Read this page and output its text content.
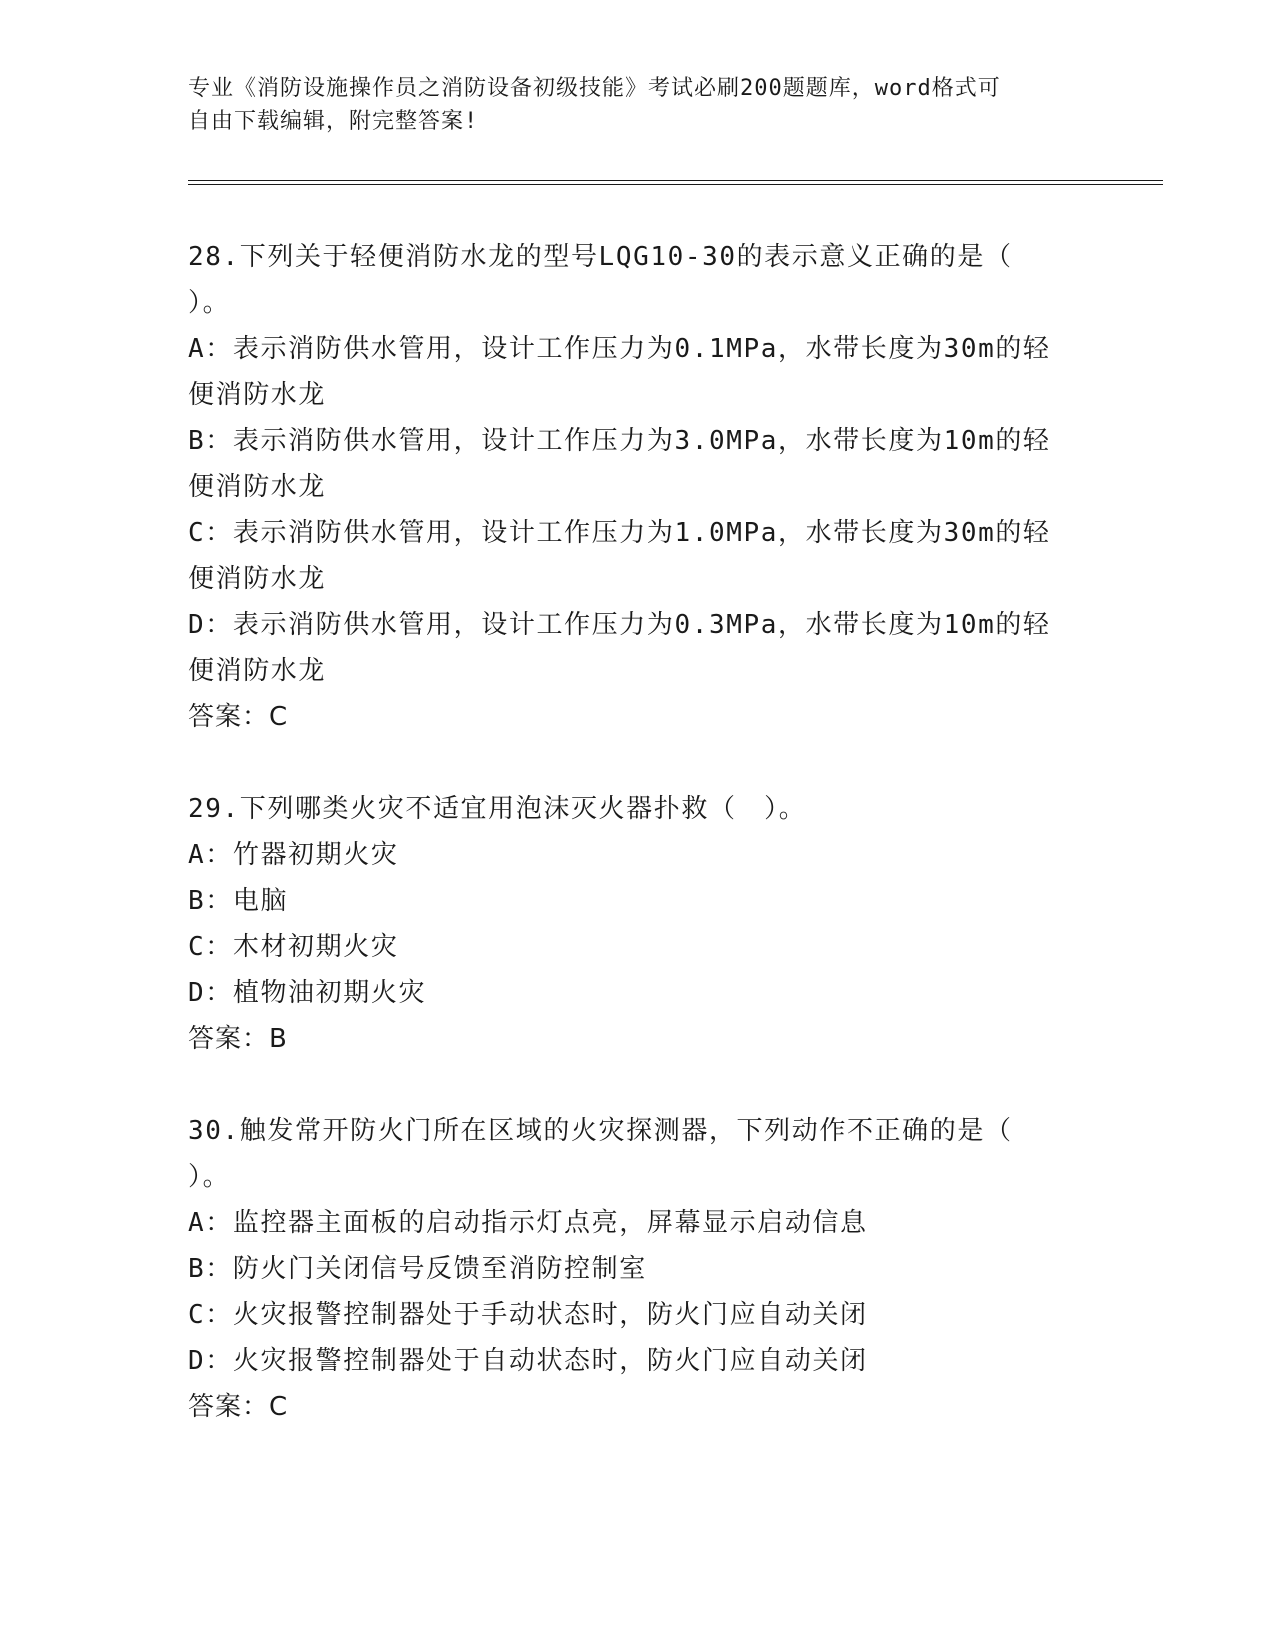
专业《消防设施操作员之消防设备初级技能》考试必刷200题题库，word格式可
自由下载编辑，附完整答案!
28.下列关于轻便消防水龙的型号LQG10-30的表示意义正确的是（
）。
A：表示消防供水管用，设计工作压力为0.1MPa，水带长度为30m的轻
便消防水龙
B：表示消防供水管用，设计工作压力为3.0MPa，水带长度为10m的轻
便消防水龙
C：表示消防供水管用，设计工作压力为1.0MPa，水带长度为30m的轻
便消防水龙
D：表示消防供水管用，设计工作压力为0.3MPa，水带长度为10m的轻
便消防水龙
答案：C
29.下列哪类火灾不适宜用泡沫灭火器扑救（　）。
A：竹器初期火灾
B：电脑
C：木材初期火灾
D：植物油初期火灾
答案：B
30.触发常开防火门所在区域的火灾探测器，下列动作不正确的是（
）。
A：监控器主面板的启动指示灯点亮，屏幕显示启动信息
B：防火门关闭信号反馈至消防控制室
C：火灾报警控制器处于手动状态时，防火门应自动关闭
D：火灾报警控制器处于自动状态时，防火门应自动关闭
答案：C
